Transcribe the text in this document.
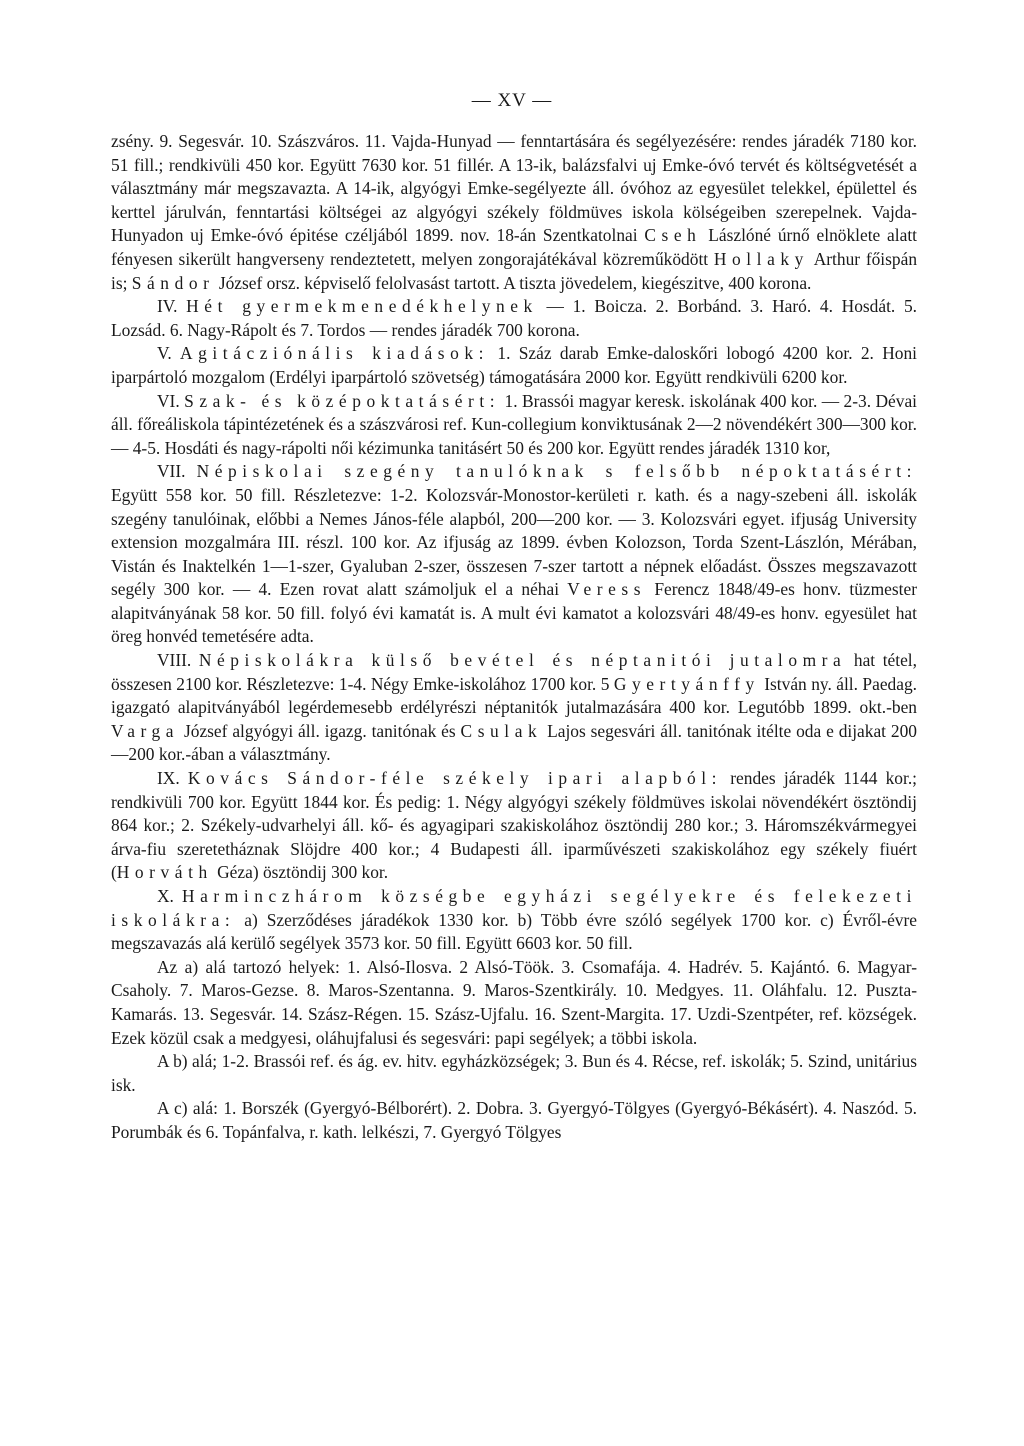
— XV —

zsény. 9. Segesvár. 10. Szászváros. 11. Vajda-Hunyad — fenntartására és segélyezésére: rendes járadék 7180 kor. 51 fill.; rendkivüli 450 kor. Együtt 7630 kor. 51 fillér. A 13-ik, balázsfalvi uj Emke-óvó tervét és költségvetését a választmány már megszavazta. A 14-ik, algyógyi Emke-segélyezte áll. óvóhoz az egyesület telekkel, épülettel és kerttel járulván, fenntartási költségei az algyógyi székely földmüves iskola kölségeiben szerepelnek. Vajda-Hunyadon uj Emke-óvó épitése czéljából 1899. nov. 18-án Szentkatolnai Cseh Lászlóné úrnő elnöklete alatt fényesen sikerült hangverseny rendeztetett, melyen zongorajátékával közreműködött Hollaky Arthur főispán is; Sándor József orsz. képviselő felolvasást tartott. A tiszta jövedelem, kiegészitve, 400 korona.

IV. Hét gyermekmenedékhelynek — 1. Boicza. 2. Borbánd. 3. Haró. 4. Hosdát. 5. Lozsád. 6. Nagy-Rápolt és 7. Tordos — rendes járadék 700 korona.

V. Agitácziónális kiadások: 1. Száz darab Emke-daloskőri lobogó 4200 kor. 2. Honi iparpártoló mozgalom (Erdélyi iparpártoló szövetség) támogatására 2000 kor. Együtt rendkivüli 6200 kor.

VI. Szak- és középoktatásért: 1. Brassói magyar keresk. iskolának 400 kor. — 2-3. Dévai áll. főreáliskola tápintézetének és a szászvárosi ref. Kun-collegium konviktusának 2—2 növendékért 300—300 kor. — 4-5. Hosdáti és nagy-rápolti női kézimunka tanitásért 50 és 200 kor. Együtt rendes járadék 1310 kor,

VII. Népiskolai szegény tanulóknak s felsőbb népoktatásért: Együtt 558 kor. 50 fill. Részletezve: 1-2. Kolozsvár-Monostor-kerületi r. kath. és a nagy-szebeni áll. iskolák szegény tanulóinak, előbbi a Nemes János-féle alapból, 200—200 kor. — 3. Kolozsvári egyet. ifjuság University extension mozgalmára III. részl. 100 kor. Az ifjuság az 1899. évben Kolozson, Torda Szent-Lászlón, Mérában, Vistán és Inaktelkén 1—1-szer, Gyaluban 2-szer, összesen 7-szer tartott a népnek előadást. Összes megszavazott segély 300 kor. — 4. Ezen rovat alatt számoljuk el a néhai Veress Ferencz 1848/49-es honv. tüzmester alapitványának 58 kor. 50 fill. folyó évi kamatát is. A mult évi kamatot a kolozsvári 48/49-es honv. egyesület hat öreg honvéd temetésére adta.

VIII. Népiskolákra külső bevétel és néptanitói jutalomra hat tétel, összesen 2100 kor. Részletezve: 1-4. Négy Emke-iskolához 1700 kor. 5 Gyertyánffy István ny. áll. Paedag. igazgató alapitványából legérdemesebb erdélyrészi néptanitók jutalmazására 400 kor. Legutóbb 1899. okt.-ben Varga József algyógyi áll. igazg. tanitónak és Csulak Lajos segesvári áll. tanitónak itélte oda e dijakat 200—200 kor.-ában a választmány.

IX. Kovács Sándor-féle székely ipari alapból: rendes járadék 1144 kor.; rendkivüli 700 kor. Együtt 1844 kor. És pedig: 1. Négy algyógyi székely földmüves iskolai növendékért ösztöndij 864 kor.; 2. Székely-udvarhelyi áll. kő- és agyagipari szakiskolához ösztöndij 280 kor.; 3. Háromszékvármegyei árva-fiu szeretetháznak Slöjdre 400 kor.; 4 Budapesti áll. iparművészeti szakiskolához egy székely fiuért (Horváth Géza) ösztöndij 300 kor.

X. Harminczhárom községbe egyházi segélyekre és felekezeti iskolákra: a) Szerződéses járadékok 1330 kor. b) Több évre szóló segélyek 1700 kor. c) Évről-évre megszavazás alá kerülő segélyek 3573 kor. 50 fill. Együtt 6603 kor. 50 fill.

Az a) alá tartozó helyek: 1. Alsó-Ilosva. 2 Alsó-Töök. 3. Csomafája. 4. Hadrév. 5. Kajántó. 6. Magyar-Csaholy. 7. Maros-Gezse. 8. Maros-Szentanna. 9. Maros-Szentkirály. 10. Medgyes. 11. Oláhfalu. 12. Puszta-Kamarás. 13. Segesvár. 14. Szász-Régen. 15. Szász-Ujfalu. 16. Szent-Margita. 17. Uzdi-Szentpéter, ref. községek. Ezek közül csak a medgyesi, oláhujfalusi és segesvári: papi segélyek; a többi iskola.

A b) alá; 1-2. Brassói ref. és ág. ev. hitv. egyházközségek; 3. Bun és 4. Récse, ref. iskolák; 5. Szind, unitárius isk.

A c) alá: 1. Borszék (Gyergyó-Bélborért). 2. Dobra. 3. Gyergyó-Tölgyes (Gyergyó-Békásért). 4. Naszód. 5. Porumbák és 6. Topánfalva, r. kath. lelkészi, 7. Gyergyó Tölgyes
